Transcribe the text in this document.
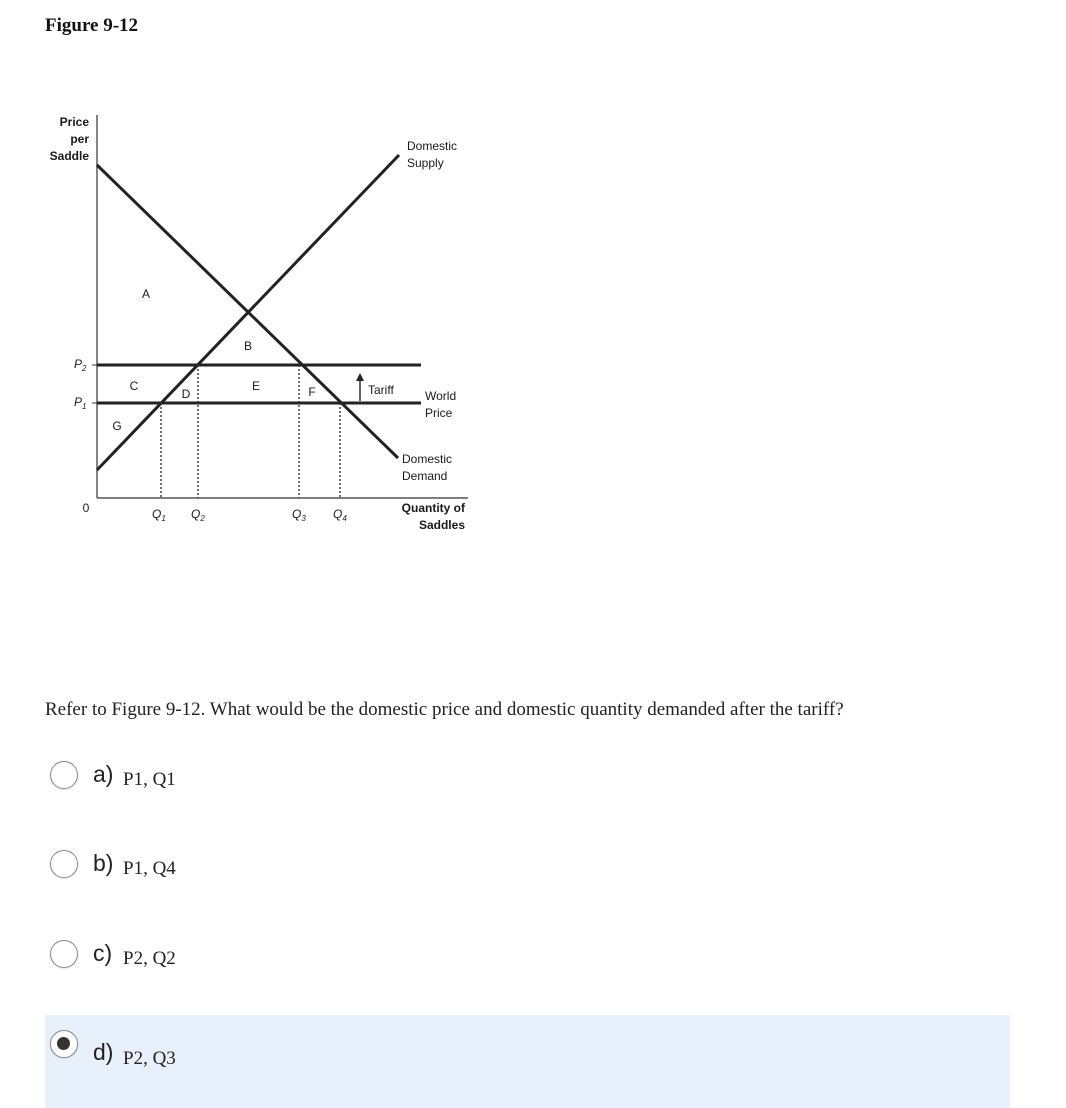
Figure 9-12
Price
per
Saddle
0
$P_2$
$P_1$
$Q_1$ $Q_2$	$Q_3$ $Q_4$
A
B
C
D
E	F
G
Tariff
Domestic
Supply
World
Price
Domestic
Demand
Quantity of
Saddles
Refer to Figure 9-12. What would be the domestic price and domestic quantity demanded after the tariff?
a) P1, Q1
b) P1, Q4
c) P2, Q2
d) P2, Q3
